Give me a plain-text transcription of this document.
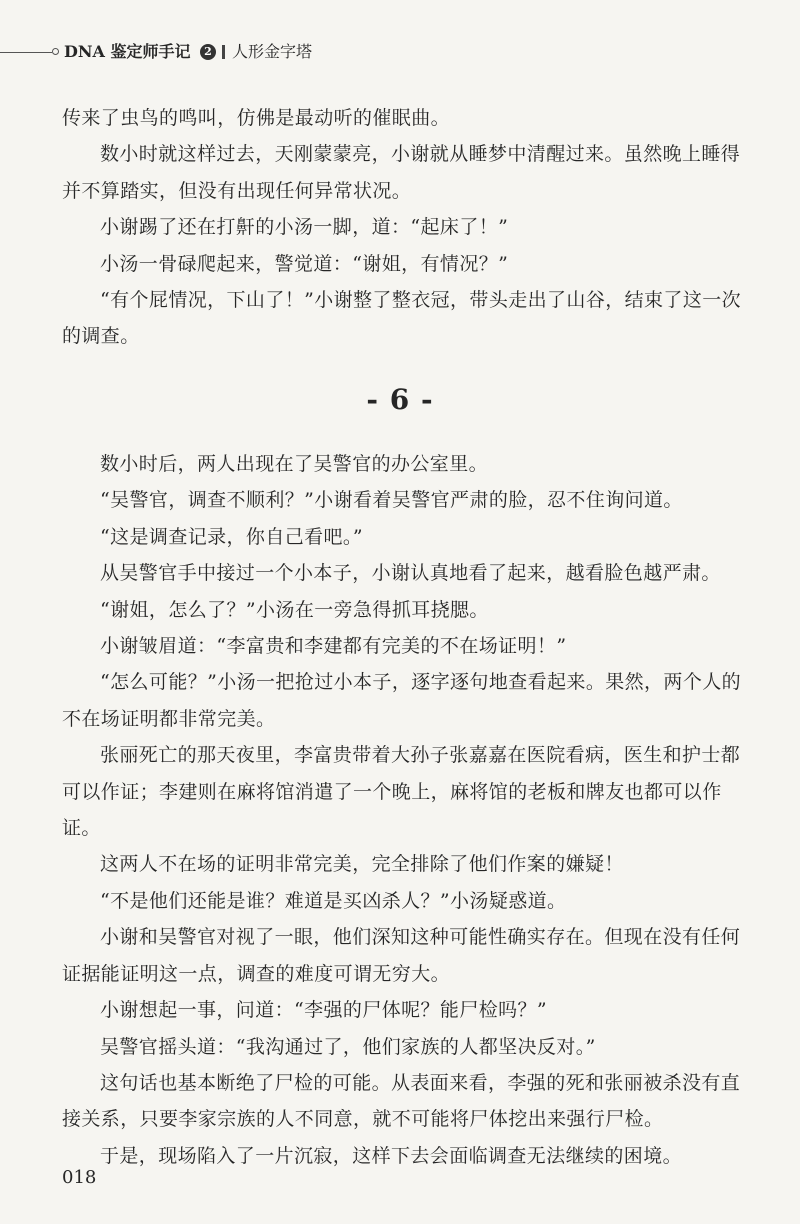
DNA 鉴定师手记	2 人形金字塔

传来了虫鸟的鸣叫，仿佛是最动听的催眠曲。

数小时就这样过去，天刚蒙蒙亮，小谢就从睡梦中清醒过来。虽然晚上睡得并不算踏实，但没有出现任何异常状况。

小谢踢了还在打鼾的小汤一脚，道：“起床了！”

小汤一骨碌爬起来，警觉道：“谢姐，有情况？”

“有个屁情况，下山了！”小谢整了整衣冠，带头走出了山谷，结束了这一次的调查。

- 6 -

数小时后，两人出现在了吴警官的办公室里。

“吴警官，调查不顺利？”小谢看着吴警官严肃的脸，忍不住询问道。

“这是调查记录，你自己看吧。”

从吴警官手中接过一个小本子，小谢认真地看了起来，越看脸色越严肃。

“谢姐，怎么了？”小汤在一旁急得抓耳挠腮。

小谢皱眉道：“李富贵和李建都有完美的不在场证明！”

“怎么可能？”小汤一把抢过小本子，逐字逐句地查看起来。果然，两个人的不在场证明都非常完美。

张丽死亡的那天夜里，李富贵带着大孙子张嘉嘉在医院看病，医生和护士都可以作证；李建则在麻将馆消遣了一个晚上，麻将馆的老板和牌友也都可以作证。

这两人不在场的证明非常完美，完全排除了他们作案的嫌疑！

“不是他们还能是谁？难道是买凶杀人？”小汤疑惑道。

小谢和吴警官对视了一眼，他们深知这种可能性确实存在。但现在没有任何证据能证明这一点，调查的难度可谓无穷大。

小谢想起一事，问道：“李强的尸体呢？能尸检吗？”

吴警官摇头道：“我沟通过了，他们家族的人都坚决反对。”

这句话也基本断绝了尸检的可能。从表面来看，李强的死和张丽被杀没有直接关系，只要李家宗族的人不同意，就不可能将尸体挖出来强行尸检。

于是，现场陷入了一片沉寂，这样下去会面临调查无法继续的困境。

018
